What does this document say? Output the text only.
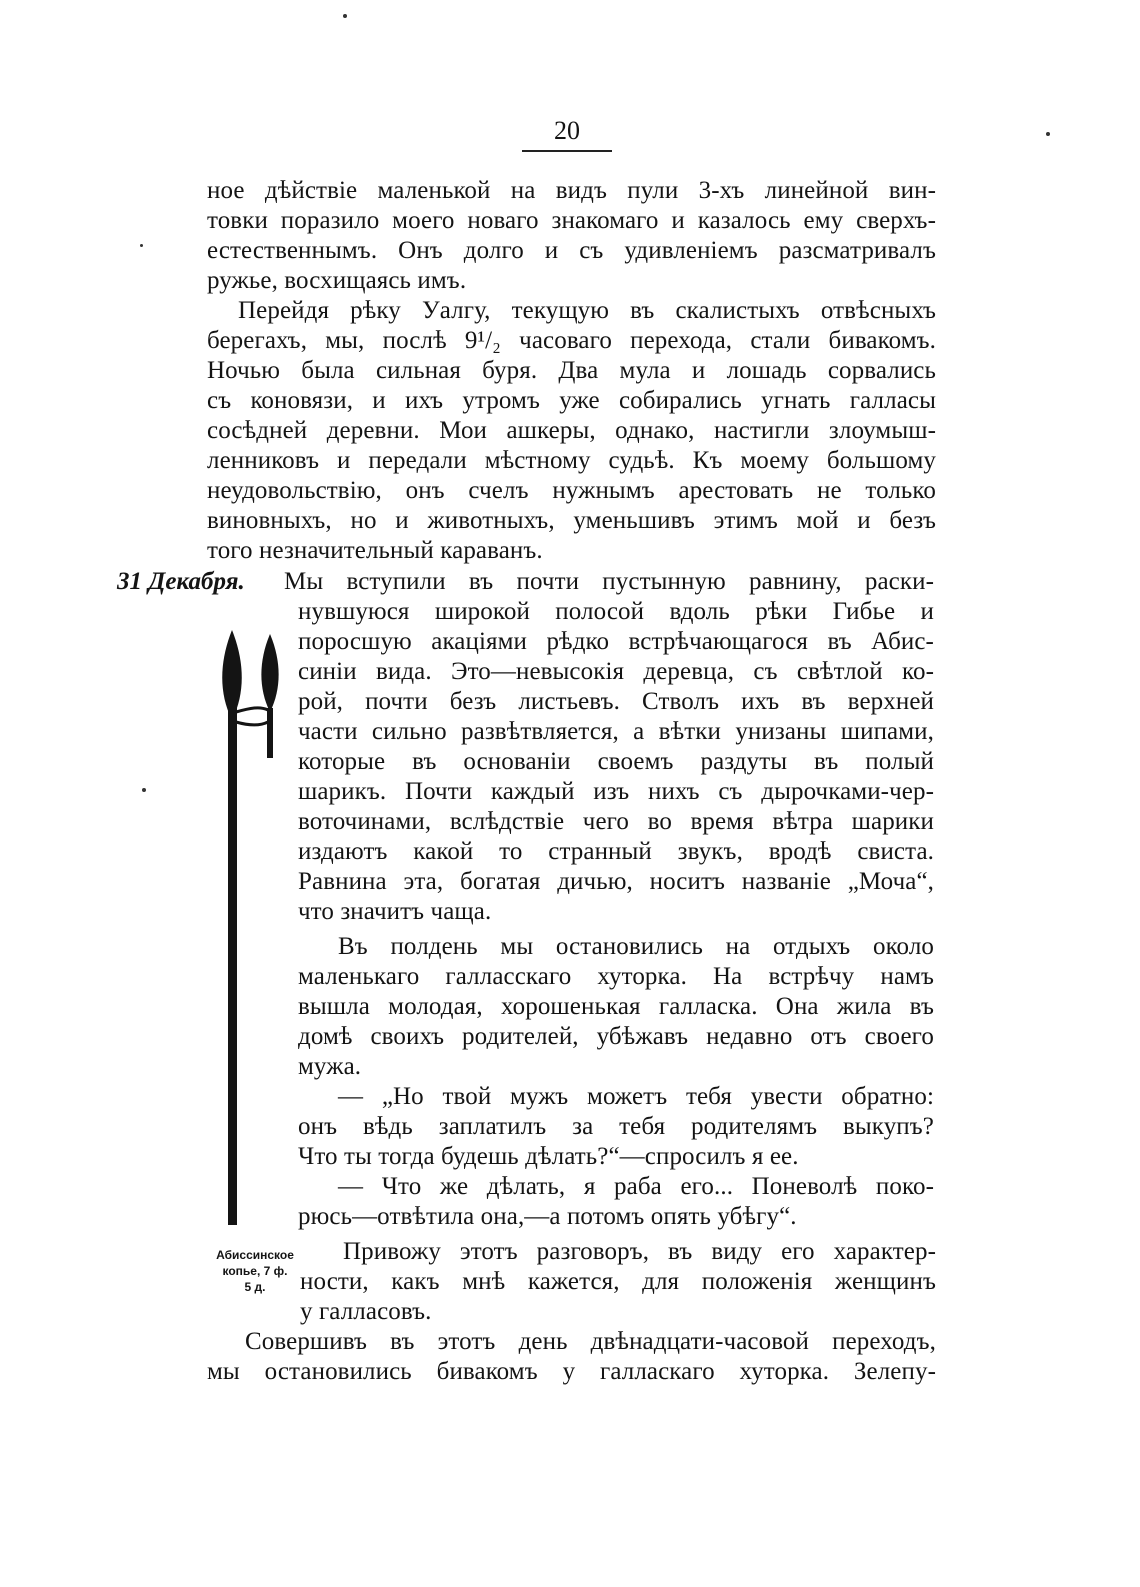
20
ное дѣйствіе маленькой на видъ пули 3-хъ линейной вин-
товки поразило моего новаго знакомаго и казалось ему сверхъ-
естественнымъ. Онъ долго и съ удивленіемъ разсматривалъ
ружье, восхищаясь имъ.
Перейдя рѣку Уалгу, текущую въ скалистыхъ отвѣсныхъ
берегахъ, мы, послѣ 9¹/₂ часоваго перехода, стали бивакомъ.
Ночью была сильная буря. Два мула и лошадь сорвались
съ коновязи, и ихъ утромъ уже собирались угнать галласы
сосѣдней деревни. Мои ашкеры, однако, настигли злоумыш-
ленниковъ и передали мѣстному судьѣ. Къ моему большому
неудовольствію, онъ счелъ нужнымъ арестовать не только
виновныхъ, но и животныхъ, уменьшивъ этимъ мой и безъ
того незначительный караванъ.
31 Декабря. Мы вступили въ почти пустынную равнину, раски-
нувшуюся широкой полосой вдоль рѣки Гибье и
поросшую акаціями рѣдко встрѣчающагося въ Абис-
синіи вида. Это—невысокія деревца, съ свѣтлой ко-
рой, почти безъ листьевъ. Стволъ ихъ въ верхней
части сильно развѣтвляется, а вѣтки унизаны шипами,
которые въ основаніи своемъ раздуты въ полый
шарикъ. Почти каждый изъ нихъ съ дырочками-чер-
воточинами, вслѣдствіе чего во время вѣтра шарики
издаютъ какой то странный звукъ, вродѣ свиста.
Равнина эта, богатая дичью, носитъ названіе „Моча“,
что значитъ чаща.
Въ полдень мы остановились на отдыхъ около
маленькаго галласскаго хуторка. На встрѣчу намъ
вышла молодая, хорошенькая галласка. Она жила въ
домѣ своихъ родителей, убѣжавъ недавно отъ своего
мужа.
— „Но твой мужъ можетъ тебя увести обратно:
онъ вѣдь заплатилъ за тебя родителямъ выкупъ?
Что ты тогда будешь дѣлать?“—спросилъ я ее.
— Что же дѣлать, я раба его... Поневолѣ поко-
рюсь—отвѣтила она,—а потомъ опять убѣгу“.
Привожу этотъ разговоръ, въ виду его характер-
ности, какъ мнѣ кажется, для положенія женщинъ
у галласовъ.
Совершивъ въ этотъ день двѣнадцати-часовой переходъ,
мы остановились бивакомъ у галласкаго хуторка. Зелепу-
Абиссинское
копье, 7 ф.
5 д.
